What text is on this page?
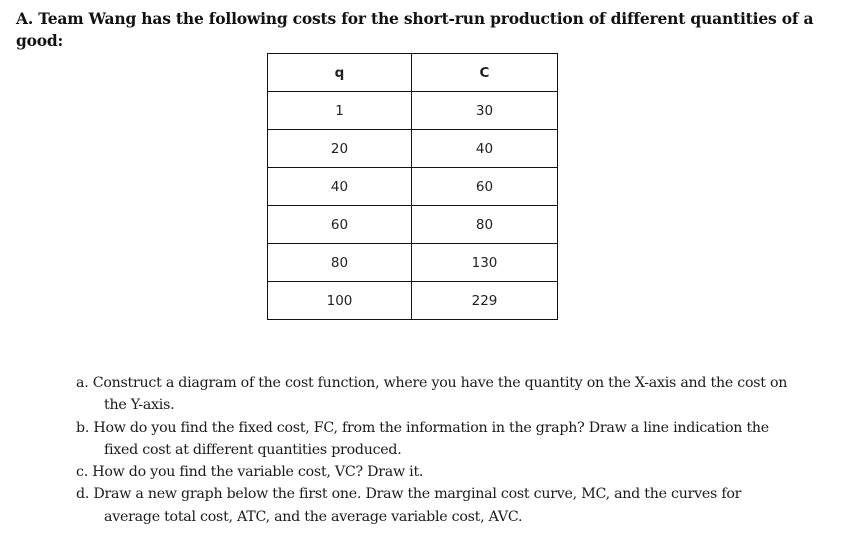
A. Team Wang has the following costs for the short-run production of different quantities of a good:
q	C
1	30
20	40
40	60
60	80
80	130
100	229

a. Construct a diagram of the cost function, where you have the quantity on the X-axis and the cost on the Y-axis.

b. How do you find the fixed cost, FC, from the information in the graph? Draw a line indication the fixed cost at different quantities produced.

c. How do you find the variable cost, VC? Draw it.

d. Draw a new graph below the first one. Draw the marginal cost curve, MC, and the curves for average total cost, ATC, and the average variable cost, AVC.
